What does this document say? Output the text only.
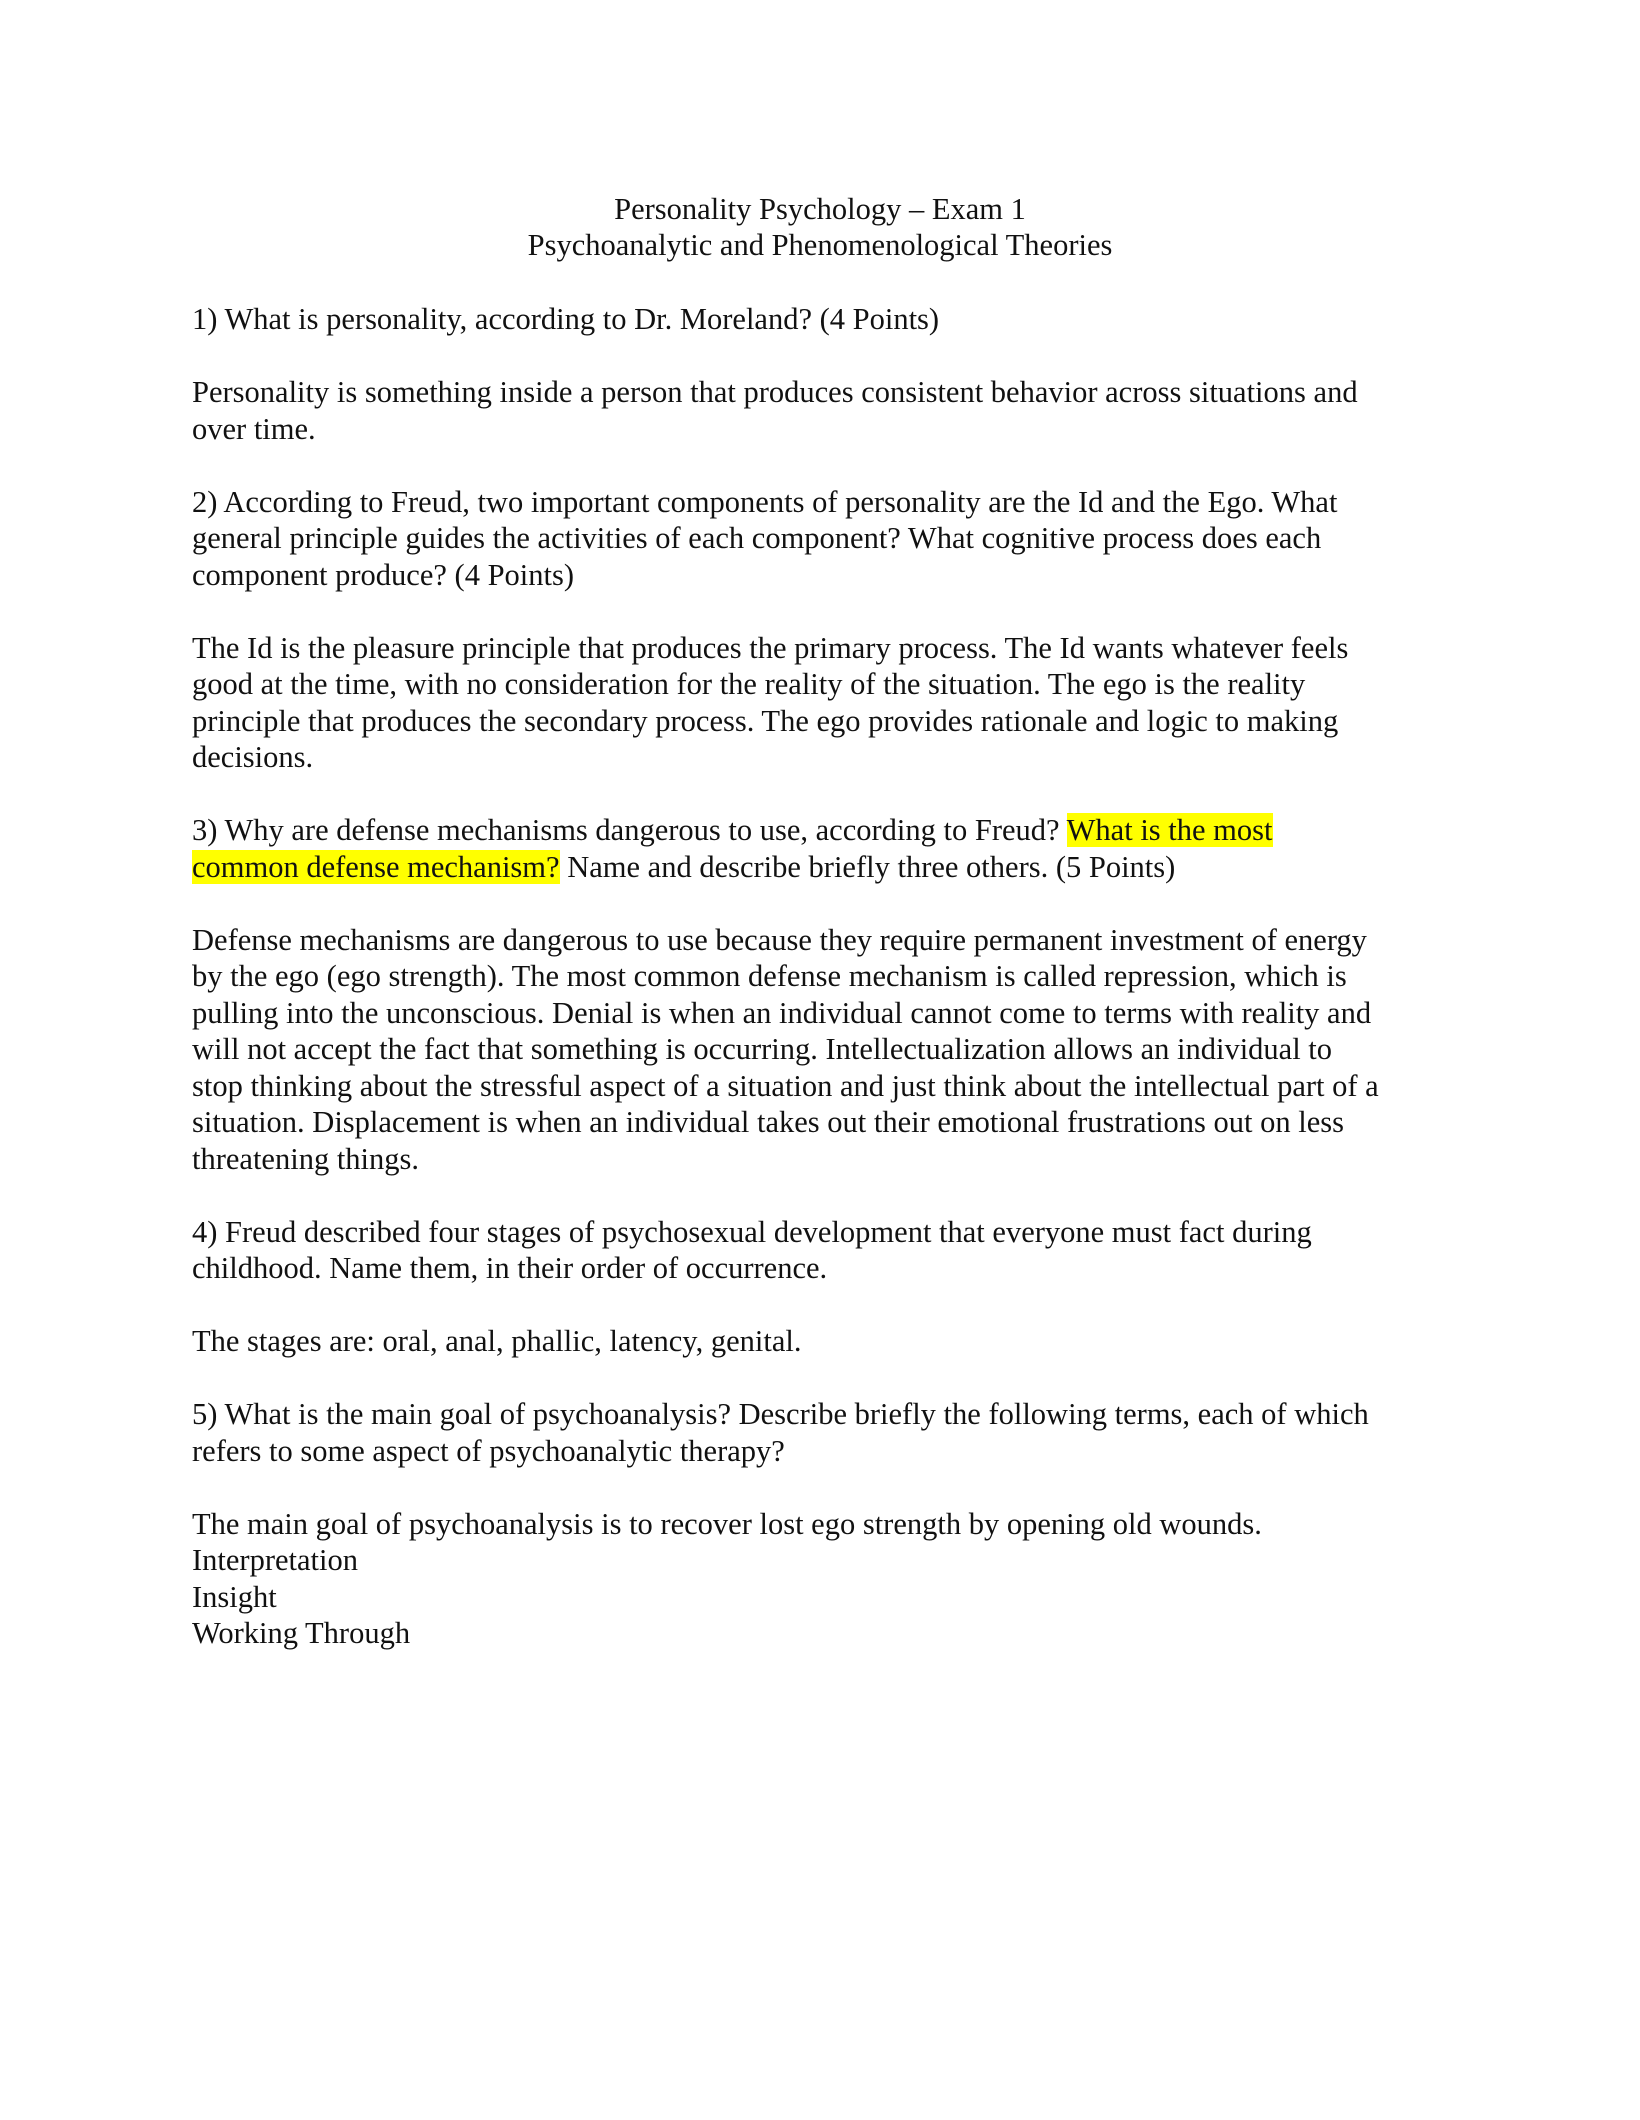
Personality Psychology – Exam 1
Psychoanalytic and Phenomenological Theories

1) What is personality, according to Dr. Moreland? (4 Points)

Personality is something inside a person that produces consistent behavior across situations and
over time.

2) According to Freud, two important components of personality are the Id and the Ego. What
general principle guides the activities of each component? What cognitive process does each
component produce? (4 Points)

The Id is the pleasure principle that produces the primary process. The Id wants whatever feels
good at the time, with no consideration for the reality of the situation. The ego is the reality
principle that produces the secondary process. The ego provides rationale and logic to making
decisions.

3) Why are defense mechanisms dangerous to use, according to Freud? What is the most
common defense mechanism? Name and describe briefly three others. (5 Points)

Defense mechanisms are dangerous to use because they require permanent investment of energy
by the ego (ego strength). The most common defense mechanism is called repression, which is
pulling into the unconscious. Denial is when an individual cannot come to terms with reality and
will not accept the fact that something is occurring. Intellectualization allows an individual to
stop thinking about the stressful aspect of a situation and just think about the intellectual part of a
situation. Displacement is when an individual takes out their emotional frustrations out on less
threatening things.

4) Freud described four stages of psychosexual development that everyone must fact during
childhood. Name them, in their order of occurrence.

The stages are: oral, anal, phallic, latency, genital.

5) What is the main goal of psychoanalysis? Describe briefly the following terms, each of which
refers to some aspect of psychoanalytic therapy?

The main goal of psychoanalysis is to recover lost ego strength by opening old wounds.
Interpretation
Insight
Working Through
